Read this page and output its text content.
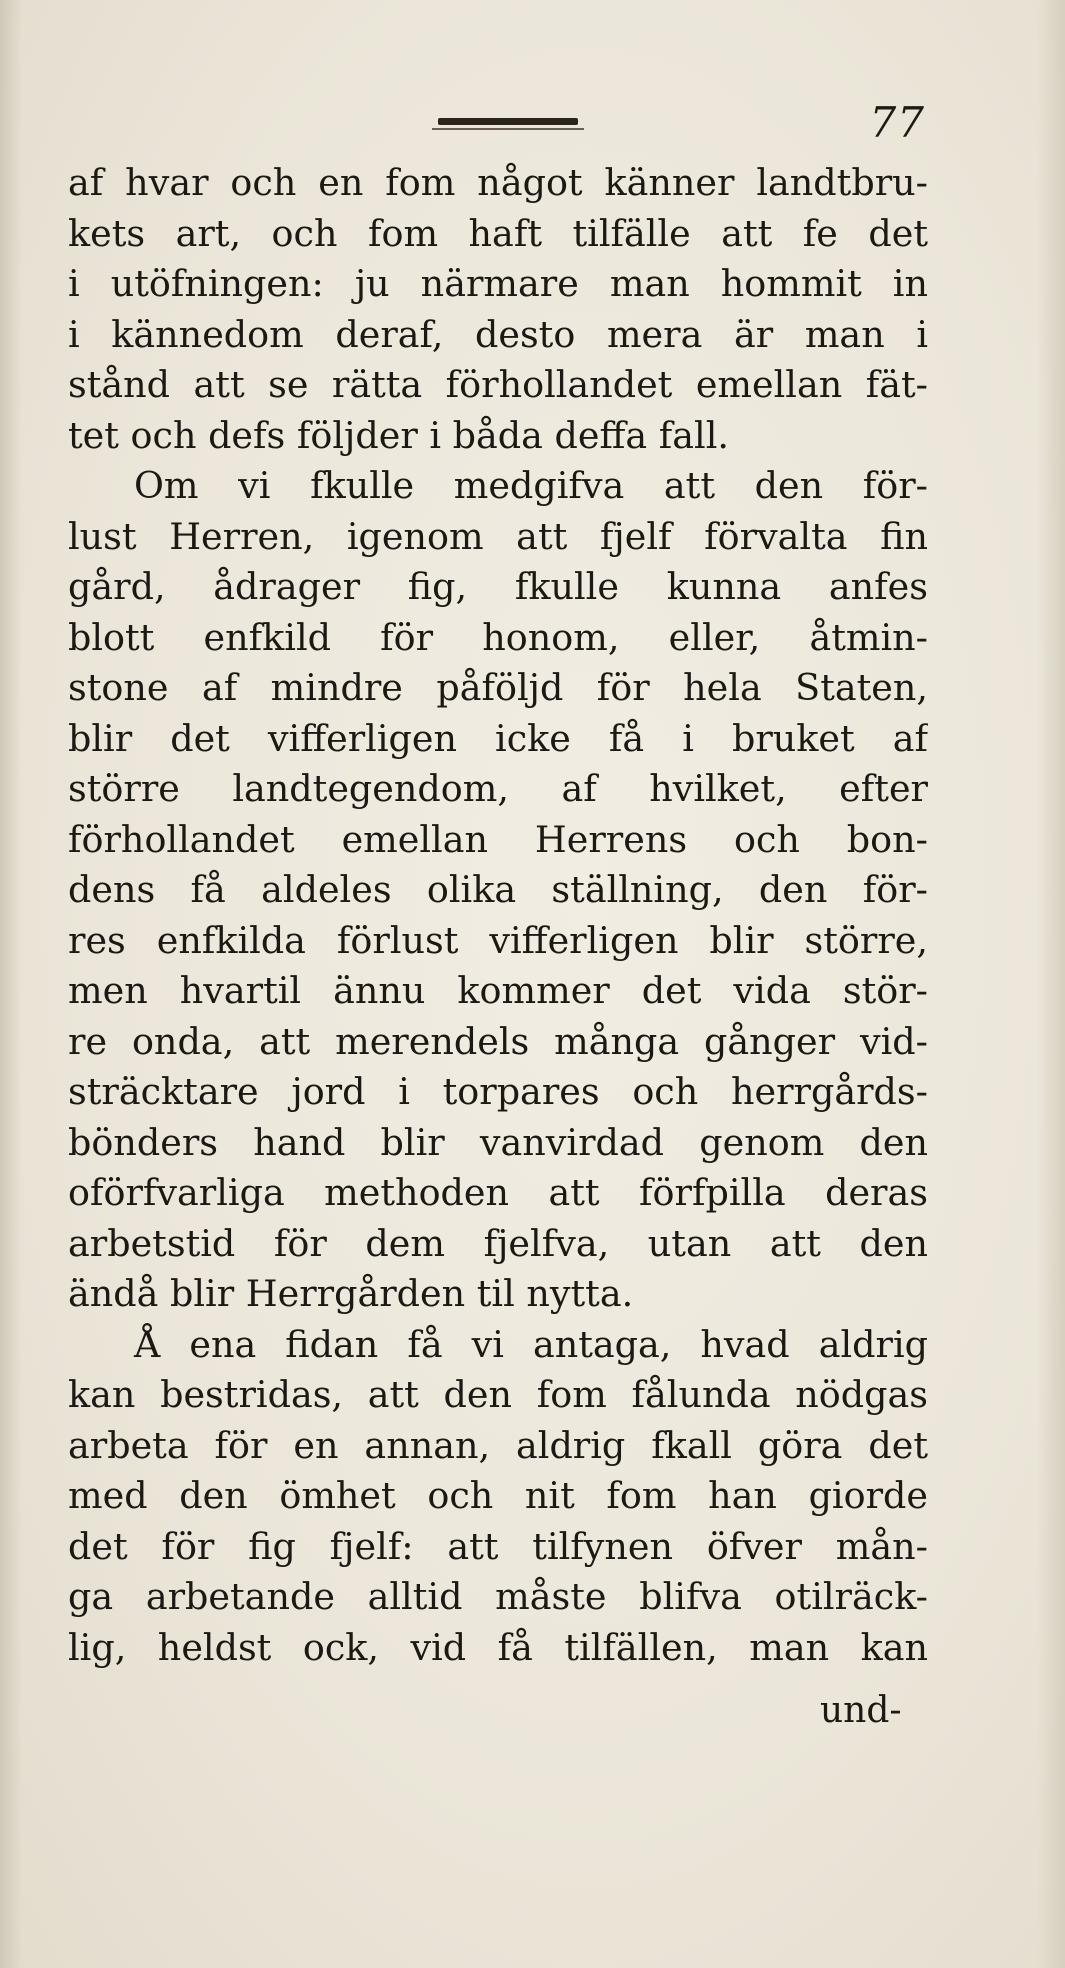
77
af hvar och en fom något känner landtbru-
kets art, och fom haft tilfälle att fe det
i utöfningen: ju närmare man hommit in
i kännedom deraf, desto mera är man i
stånd att se rätta förhollandet emellan fät-
tet och defs följder i båda deffa fall.
Om vi fkulle medgifva att den för-
lust Herren, igenom att fjelf förvalta fin
gård, ådrager fig, fkulle kunna anfes
blott enfkild för honom, eller, åtmin-
stone af mindre påföljd för hela Staten,
blir det vifferligen icke få i bruket af
större landtegendom, af hvilket, efter
förhollandet emellan Herrens och bon-
dens få aldeles olika ställning, den för-
res enfkilda förlust vifferligen blir större,
men hvartil ännu kommer det vida stör-
re onda, att merendels många gånger vid-
sträcktare jord i torpares och herrgårds-
bönders hand blir vanvirdad genom den
oförfvarliga methoden att förfpilla deras
arbetstid för dem fjelfva, utan att den
ändå blir Herrgården til nytta.
Å ena fidan få vi antaga, hvad aldrig
kan bestridas, att den fom fålunda nödgas
arbeta för en annan, aldrig fkall göra det
med den ömhet och nit fom han giorde
det för fig fjelf: att tilfynen öfver mån-
ga arbetande alltid måste blifva otilräck-
lig, heldst ock, vid få tilfällen, man kan
und-
